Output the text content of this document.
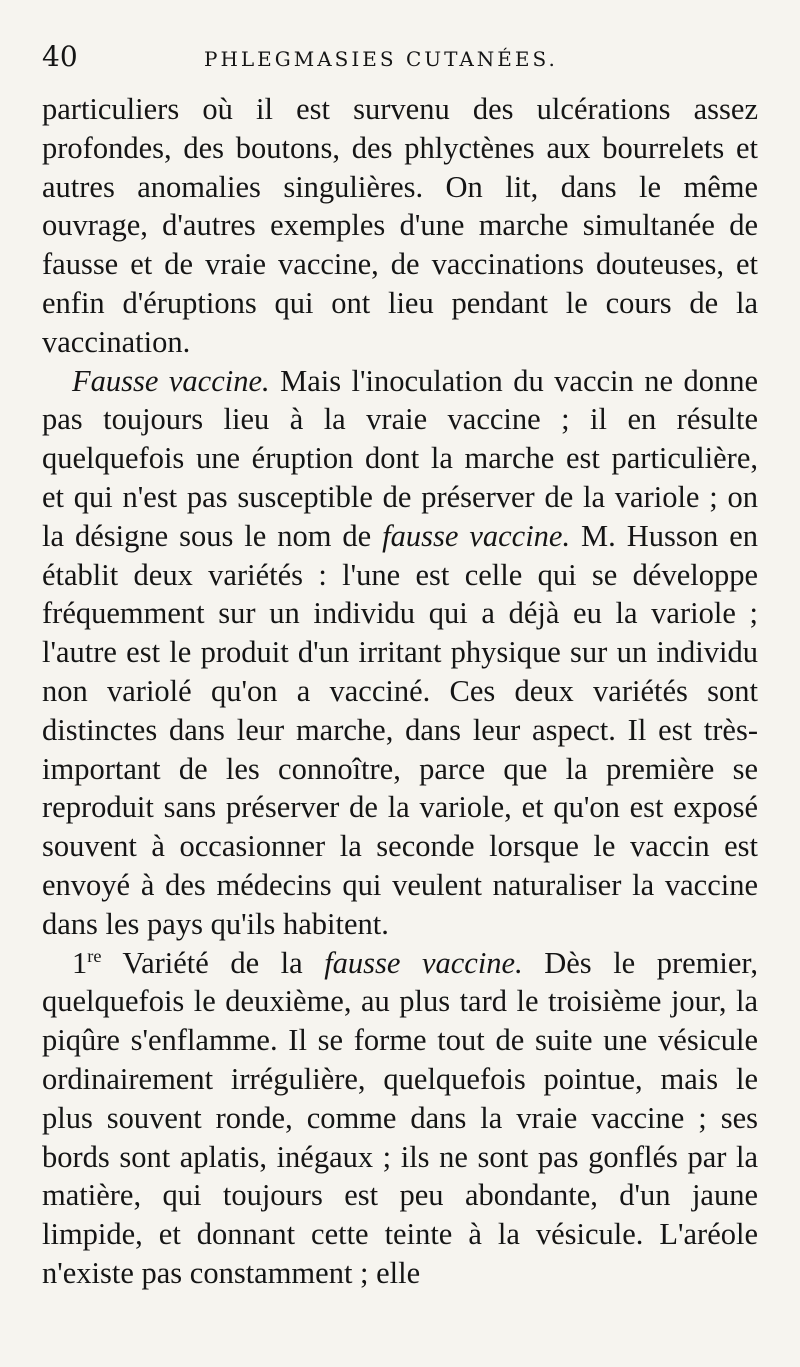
40	PHLEGMASIES CUTANÉES.

particuliers où il est survenu des ulcérations assez profondes, des boutons, des phlyctènes aux bourrelets et autres anomalies singulières. On lit, dans le même ouvrage, d'autres exemples d'une marche simultanée de fausse et de vraie vaccine, de vaccinations douteuses, et enfin d'éruptions qui ont lieu pendant le cours de la vaccination.

Fausse vaccine. Mais l'inoculation du vaccin ne donne pas toujours lieu à la vraie vaccine ; il en résulte quelquefois une éruption dont la marche est particulière, et qui n'est pas susceptible de préserver de la variole ; on la désigne sous le nom de fausse vaccine. M. Husson en établit deux variétés : l'une est celle qui se développe fréquemment sur un individu qui a déjà eu la variole ; l'autre est le produit d'un irritant physique sur un individu non variolé qu'on a vacciné. Ces deux variétés sont distinctes dans leur marche, dans leur aspect. Il est très-important de les connoître, parce que la première se reproduit sans préserver de la variole, et qu'on est exposé souvent à occasionner la seconde lorsque le vaccin est envoyé à des médecins qui veulent naturaliser la vaccine dans les pays qu'ils habitent.

1re Variété de la fausse vaccine. Dès le premier, quelquefois le deuxième, au plus tard le troisième jour, la piqûre s'enflamme. Il se forme tout de suite une vésicule ordinairement irrégulière, quelquefois pointue, mais le plus souvent ronde, comme dans la vraie vaccine ; ses bords sont aplatis, inégaux ; ils ne sont pas gonflés par la matière, qui toujours est peu abondante, d'un jaune limpide, et donnant cette teinte à la vésicule. L'aréole n'existe pas constamment ; elle
